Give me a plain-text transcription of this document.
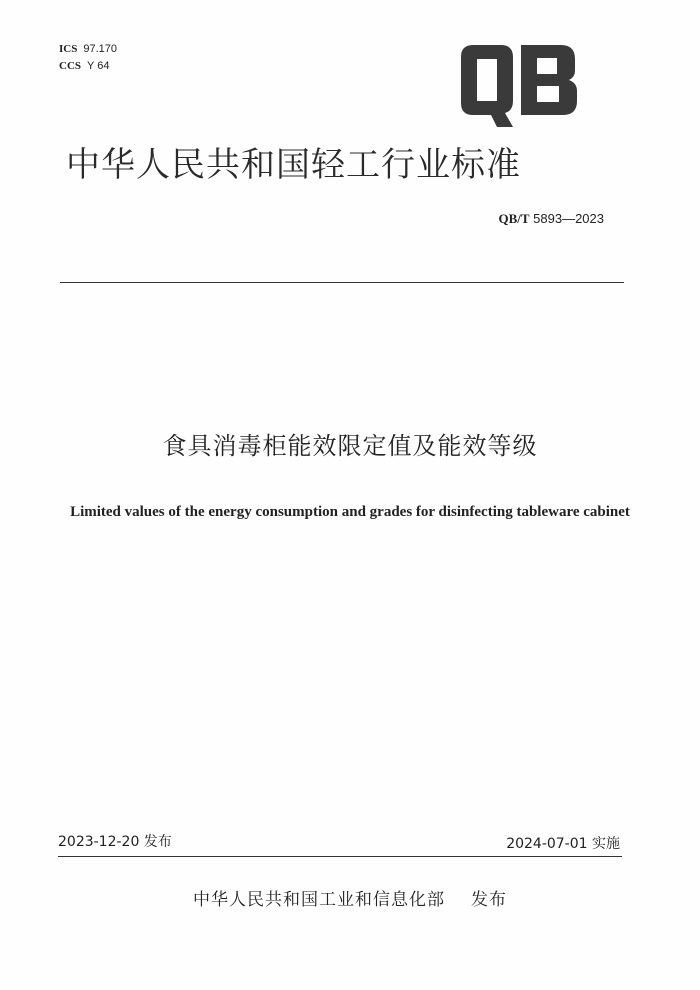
ICS 97.170
CCS Y 64
中华人民共和国轻工行业标准
QB/T 5893—2023
食具消毒柜能效限定值及能效等级
Limited values of the energy consumption and grades for disinfecting tableware cabinet
2023-12-20 发布	2024-07-01 实施
中华人民共和国工业和信息化部 发布
